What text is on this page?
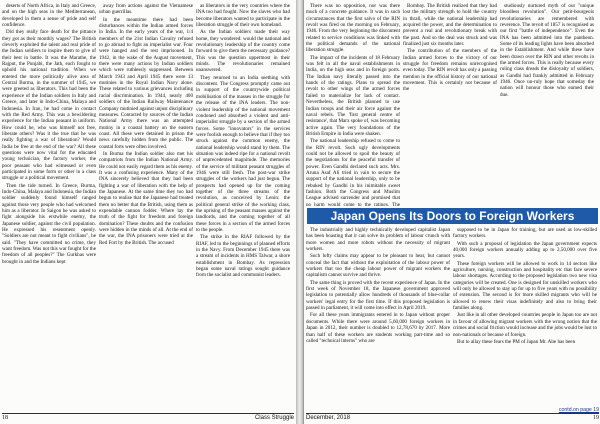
deserts of North Africa, in Italy and Greece, and on the high seas in the Mediterranean, developed in them a sense of pride and self confidence.

Did they really face death for the pittance they got as their monthly wages? The British cleverly exploited the talent and real pride of the Indian soldiers to inspire them to give of their best in battle. It was the Marathe, the Rajput, the Punjabi, the Jath, each fought to uphold his national tradition. When we entered the more politically alive area of Central Burma, in the summer of 1945, we were greeted as liberators. This had been the experience of the Indian soldiers in Italy and Greece, and later in Indo-China, Malaya and Indonesia. In Iran, he had come in contact with the Red Army. This was a bewildering experience for the Indian peasant in uniform. How could he, who was himself not free, liberate others? Was it the true that he was really fighting a war of liberation? Would India be free at the end of the war? All these questions were now vital for the educated young technician, the factory worker, the poor peasant who had witnessed or even participated in some form or other in a class struggle or a political movement.

Then the tide turned. In Greece, Burma, Indo-China, Malaya and Indonesia, the Indian soldier suddenly found himself ranged against those very people who had welcomed him as a liberator. In Saigon he was asked to fight alongside his erstwhile enemy, the Japanese soldier, against the civil population. He expressed his resentment openly. "Soldiers are not meant to fight civilians", he said. "They have committed no crime, they want freedom. Was not this war fought for the freedom of all peoples?" The Gurkhas were brought in and the Indians kept

away from actions against the Vietnamese urban guerrillas.

In the meantime there had been disturbances within the Indian armed forces in India. In the early years of the war, 1/4 members of the 21st Indian Cavalry refused to go abroad to fight an imperialist war. Four were hanged and the rest imprisoned. In 1942, in the wake of the August movement, there were many actions by Indian soldiers which were ruthlessly suppressed. Between March 1943 and April 1945 there were 13 mutinies in the Royal Indian Navy alone. These related to various grievances including racial discrimination. In 1944, nearly 400 soldiers of the Indian Railway Maintenance Company mutinied against unjust disciplinary measures. Contacted by sources of the Indian National Army there was an attempted mutiny in a coastal battery on the eastern coast. All these were detained in prison the news carefully hidden from the public. The coastal forts were often involved.

In Burma the Indian soldier also met his compatriots from the Indian National Army. He could not easily regard them as his enemy. It was a confusing experience. Many of the INA sincerely believed that they had been fighting a war of liberation with the help of the Japanese. At the same time they too had begun to realise that the Japanese had treated them no better that the British, using them as expendable cannon fodder. Where lay the truth of the fight for freedom and foreign domination? These doubts and the confusion were hidden in the minds of all. At the end of the war, the INA prisoners were tried at the Red Fort by the British. The accused

as liberators in the very countries where the INA too had fought. Now the slaves who had become liberators wanted to participate in the liberation struggle of their own homeland.

As the Indian soldiers made their way home, they wondered: would the national and revolutionary leadership of the country come forward to give them the necessary guidance? This was the question uppermost in their minds. The revolutionaries remained unanswered.

They returned to an India seething with discontent. The Congress promptly came out in support of the countrywide political mobilisation of the masses in the struggle for the release of the INA leaders. The non-violent leadership of the national movement condoned and absorbed a violent and anti-imperialist struggle by a section of the armed forces. Some "innovators" in the services were foolish enough to believe that if they too struck against the common enemy, the national leadership would stand by them. The situation was indeed ripe for a national revolt of unprecedented magnitude. The memories of the service of militant peasant struggles of 1946 were still fresh. The post-war strike struggles of the workers had just begun. The prospects had opened up for the coming together of the three streams of the revolution, as conceived by Lenin: the political general strike of the working class, the uprising of the peasant masses against the landlords, and the coming together of all these forces in a section of the armed forces to the people.

The strike in the RIAF followed by the RIAF, led to the beginnings of planned efforts in the Navy. From December 1945 there was a stream of incidents in HMS Talwar, a shore establishment in Bombay. As repression began some naval ratings sought guidance from the socialist and communist leaders.

18	Class Struggle

There was no opposition, nor was there much of a concrete guidance. It was in such circumstances that the first salvo of the RIN revolt was fired on the morning on February, 1946. From the very beginning the discontent related to service conditions was linked with the political demands of the national liberation struggle.

The impact of the incidents of 18 February was felt in all the naval establishments in India, on the high seas and in foreign ports. The Indian navy literally passed into the hands of the ratings. Plans to spread the revolt to other wings of the armed forces failed to materialize for lack of contact. Nevertheless, the British planned to use Indian troops and their air force against the naval rebels. The 'first general centre of resistance', that Marx spoke of, was becoming active again. The very foundations of the British Empire in India were shaken.

The national leadership refused to come to the RIN revolt. Such ugly developments could not be allowed to spoil the beauty of the negotiations for the peaceful transfer of power. Even Gandhi declared such acts. Mrs. Aruna Asaf Ali tried in vain to secure the support of the national leadership, only to be rebuked by Gandhi in his inimitable sweet fashion. Both the Congress and Muslim League advised surrender and promised that no harm would come to the ratings. The

Bombay. The British realized that they had lost the military strength to hold the country in thrall, while the national leadership had acquired the power, and the determination to prevent a real and revolutionary break with the past. And so the deal was struck and was finalized just six months later.

The contribution of the members of the Indian armed forces to the victory of our struggle for freedom remains unrecognised even today. The RIN revolt has only a passing mention in the official history of our national movement. This is certainly not because of the

studiously nurtured myth of our "unique bloodless revolution". Our petit-bourgeois revolutionaries are remembered with reverence. The revolt of 1857 is recognised as our first "battle of independence". Even the INA has been admitted into the pantheon. Some of its leading lights have been absorbed in the Establishment. And while these have been drawn over the RIN and other revolts in the armed forces. This is really because every ruling class dreads the disloyalty of soldiers, as Gandhi had frankly admitted in February 1946. Once un-ruly hope that someday the nation will honour those who earned their due.

Japan Opens Its Doors to Foreign Workers

The industrially and highly technically developed capitalist Japan has been boasting that it can solve its problem of labour crunch with more women and more robots without the necessity of migrant workers.

Such lofty claims may appear to be pleasant to hear, but cannot conceal the fact that without the exploitation of the labour power of workers that too the cheap labour power of migrant workers the capitalism cannot survive and thrive.

The same thing is proved with the recent experience of Japan. In the first week of November 18, the Japanese government approved legislation to potentially allow hundreds of thousands of blue-collar workers' legal entry for the first time. If this proposed legislation is passed in parliament, it will come into effect in April 2019.

For all these years immigrants entered in to Japan without proper documents. While there were around 5,60,000 foreign workers in Japan in 2012, their number is doubled to 12,78,670 by 2017. More than half of these workers are students working part-time and so called "technical interns" who are

supposed to be in Japan for training, but are used as low-skilled factory workers.

With such a proposal of legislation the Japan government expects 40,000 foreign workers annually adding up to 2,50,000 over five years.

These foreign workers will be allowed to work in 14 sectors like agriculture, nursing, construction and hospitality etc that face severe labour shortages. According to the proposed legislation two new visa categories will be created. One is designed for unskilled workers who will only be allowed to stay up for up to five years with no possibility of extension. The second is for more skilled migrants who will be allowed to renew their visas indefinitely and also to bring their families along.

Just like in all other developed countries people in Japan too are not in favour of allowing migrant workers with the wrong notion that the crimes and social friction would increase and the jobs would be lost to non-nationals or because of foreign.

But to allay these fears the PM of Japan Mr. Abe has been

contd.on page 19
December, 2018	19
